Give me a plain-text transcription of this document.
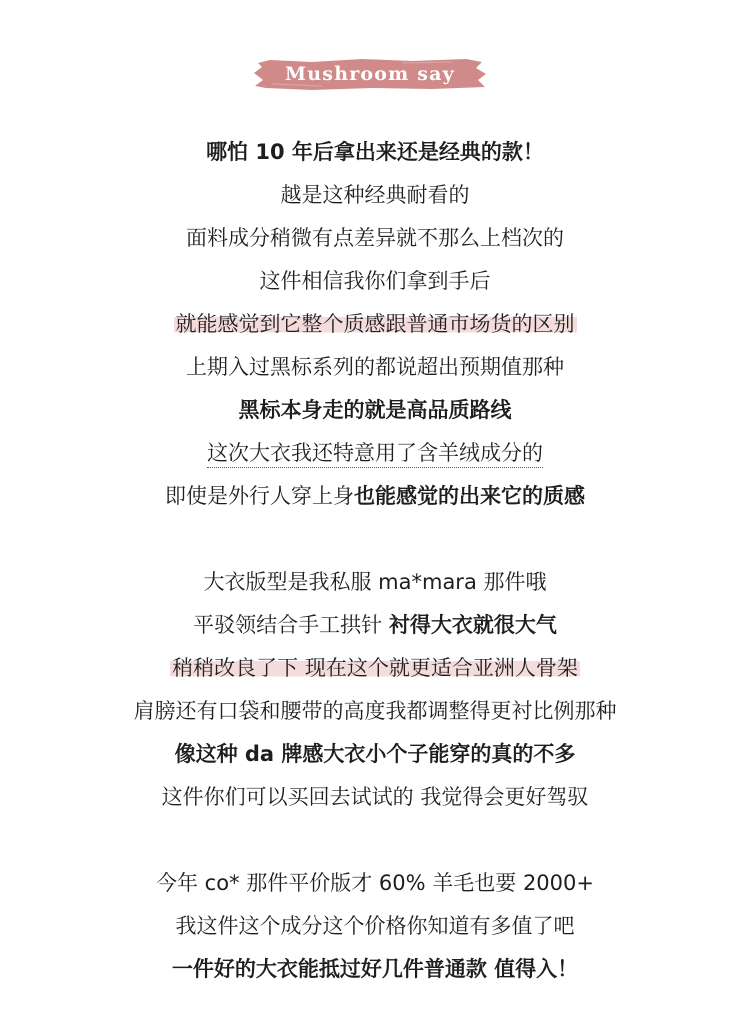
Mushroom say
哪怕 10 年后拿出来还是经典的款！
越是这种经典耐看的
面料成分稍微有点差异就不那么上档次的
这件相信我你们拿到手后
就能感觉到它整个质感跟普通市场货的区别
上期入过黑标系列的都说超出预期值那种
黑标本身走的就是高品质路线
这次大衣我还特意用了含羊绒成分的
即使是外行人穿上身也能感觉的出来它的质感
大衣版型是我私服 ma*mara 那件哦
平驳领结合手工拱针 衬得大衣就很大气
稍稍改良了下 现在这个就更适合亚洲人骨架
肩膀还有口袋和腰带的高度我都调整得更衬比例那种
像这种 da 牌感大衣小个子能穿的真的不多
这件你们可以买回去试试的 我觉得会更好驾驭
今年 co* 那件平价版才 60% 羊毛也要 2000+
我这件这个成分这个价格你知道有多值了吧
一件好的大衣能抵过好几件普通款 值得入！
